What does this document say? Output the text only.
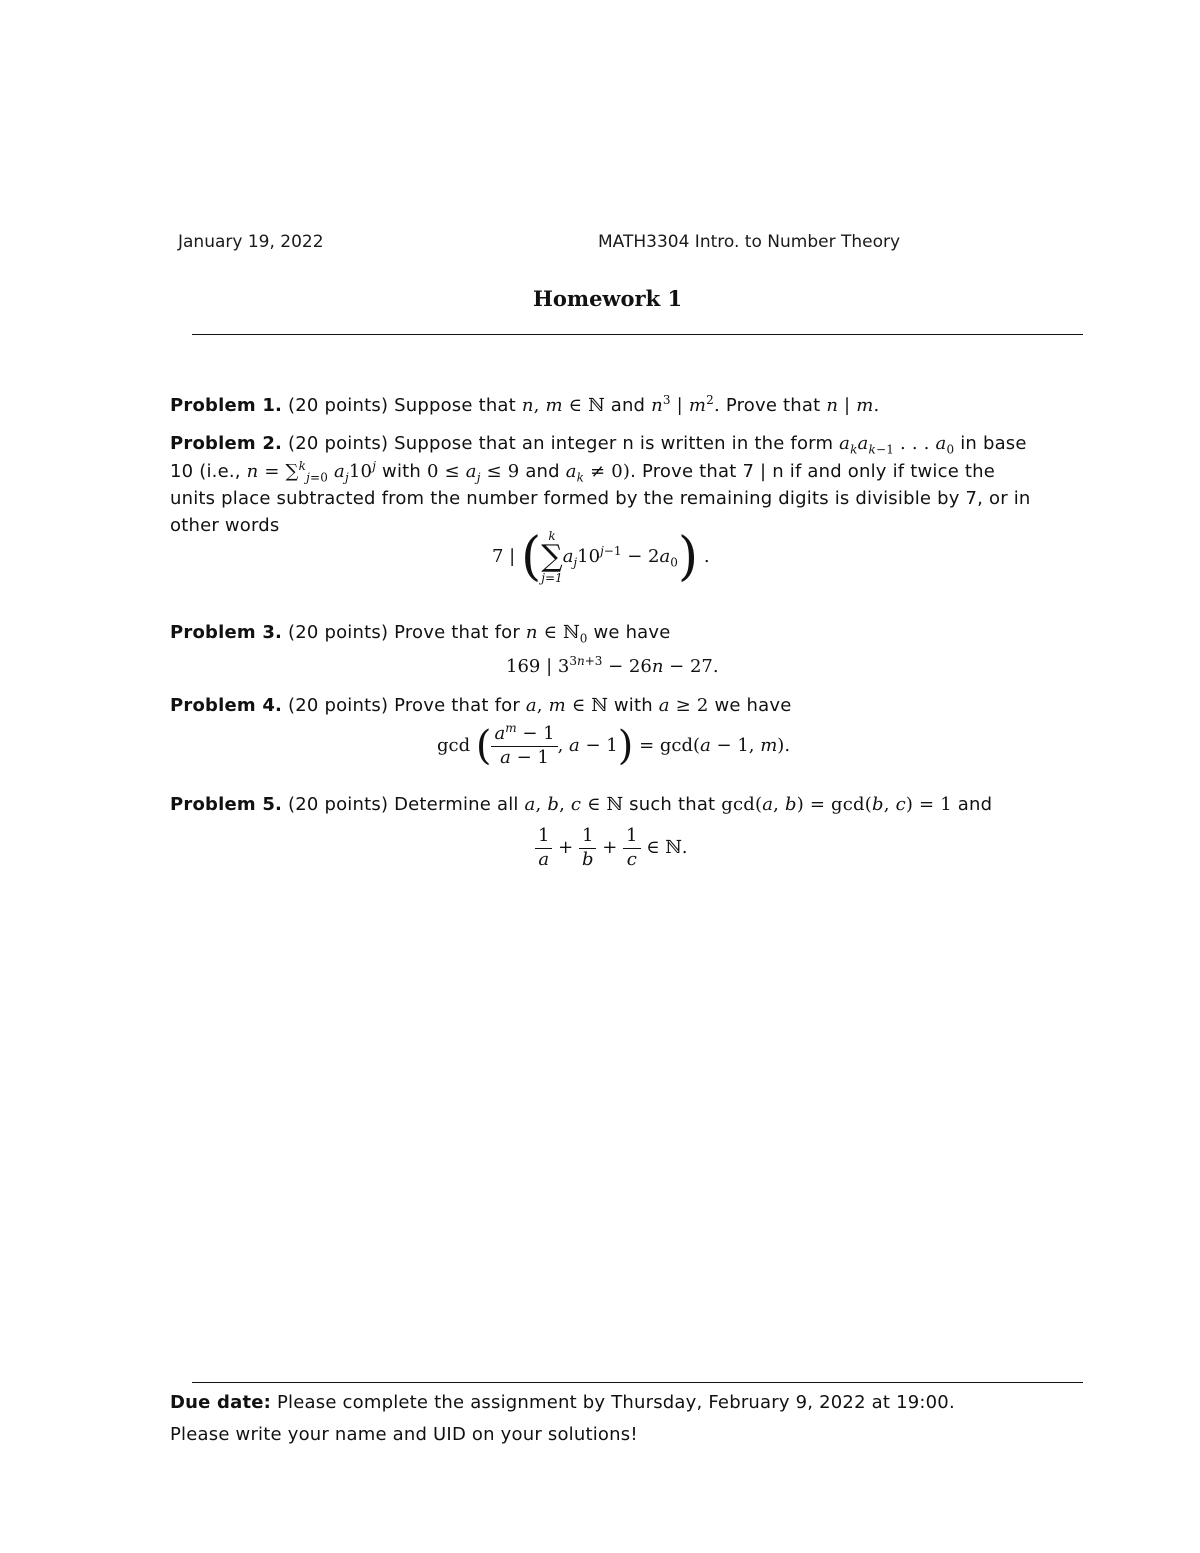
January 19, 2022	MATH3304 Intro. to Number Theory
Homework 1
Problem 1. (20 points) Suppose that n, m ∈ ℕ and $n^3$ | $m^2$. Prove that n | m.
Problem 2. (20 points) Suppose that an integer n is written in the form $a_ka_{k-1}$ . . . $a_0$ in base
10 (i.e., n = ∑$^k_{j=0}$ $a_j10^j$ with $0 \le a_j \le 9$ and $a_k \ne 0$). Prove that 7 | n if and only if twice the
units place subtracted from the number formed by the remaining digits is divisible by 7, or in
other words
7 | ( k
∑
j=1
$a_j10^{j-1} - 2a_0$) .
Problem 3. (20 points) Prove that for n ∈ ℕ$_0$ we have
169 | $3^{3n+3} - 26n - 27$.
Problem 4. (20 points) Prove that for a, m ∈ ℕ with a ≥ 2 we have
gcd ( $\frac{a^m - 1}{a - 1}$ , a − 1) = gcd(a − 1, m).
Problem 5. (20 points) Determine all a, b, c ∈ ℕ such that gcd(a, b) = gcd(b, c) = 1 and
$\frac{1}{a} + \frac{1}{b} + \frac{1}{c}$ ∈ ℕ.
Due date: Please complete the assignment by Thursday, February 9, 2022 at 19:00.
Please write your name and UID on your solutions!
